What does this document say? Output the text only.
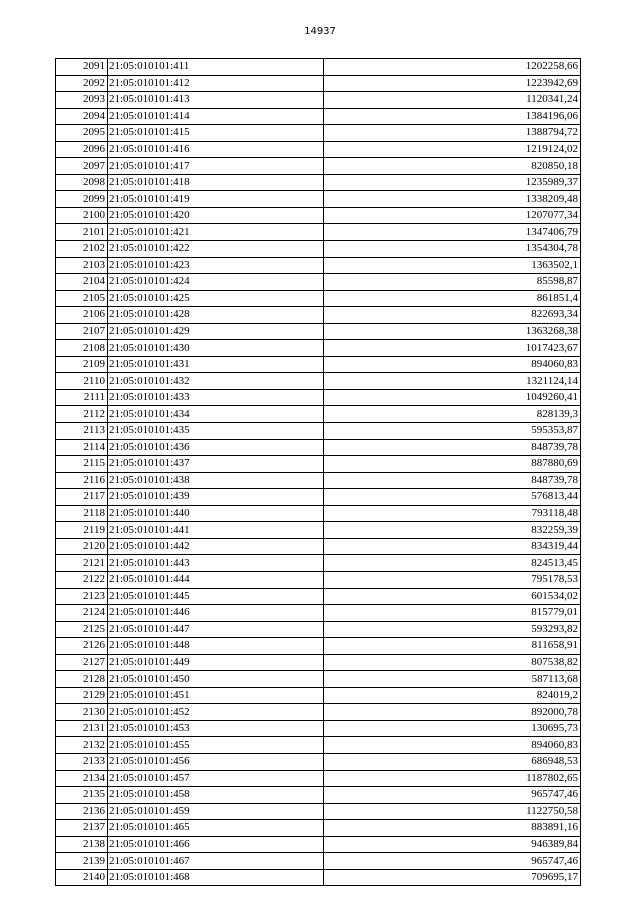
14937
2091	21:05:010101:411	1202258,66
2092	21:05:010101:412	1223942,69
2093	21:05:010101:413	1120341,24
2094	21:05:010101:414	1384196,06
2095	21:05:010101:415	1388794,72
2096	21:05:010101:416	1219124,02
2097	21:05:010101:417	820850,18
2098	21:05:010101:418	1235989,37
2099	21:05:010101:419	1338209,48
2100	21:05:010101:420	1207077,34
2101	21:05:010101:421	1347406,79
2102	21:05:010101:422	1354304,78
2103	21:05:010101:423	1363502,1
2104	21:05:010101:424	85598,87
2105	21:05:010101:425	861851,4
2106	21:05:010101:428	822693,34
2107	21:05:010101:429	1363268,38
2108	21:05:010101:430	1017423,67
2109	21:05:010101:431	894060,83
2110	21:05:010101:432	1321124,14
2111	21:05:010101:433	1049260,41
2112	21:05:010101:434	828139,3
2113	21:05:010101:435	595353,87
2114	21:05:010101:436	848739,78
2115	21:05:010101:437	887880,69
2116	21:05:010101:438	848739,78
2117	21:05:010101:439	576813,44
2118	21:05:010101:440	793118,48
2119	21:05:010101:441	832259,39
2120	21:05:010101:442	834319,44
2121	21:05:010101:443	824513,45
2122	21:05:010101:444	795178,53
2123	21:05:010101:445	601534,02
2124	21:05:010101:446	815779,01
2125	21:05:010101:447	593293,82
2126	21:05:010101:448	811658,91
2127	21:05:010101:449	807538,82
2128	21:05:010101:450	587113,68
2129	21:05:010101:451	824019,2
2130	21:05:010101:452	892000,78
2131	21:05:010101:453	130695,73
2132	21:05:010101:455	894060,83
2133	21:05:010101:456	686948,53
2134	21:05:010101:457	1187802,65
2135	21:05:010101:458	965747,46
2136	21:05:010101:459	1122750,58
2137	21:05:010101:465	883891,16
2138	21:05:010101:466	946389,84
2139	21:05:010101:467	965747,46
2140	21:05:010101:468	709695,17
